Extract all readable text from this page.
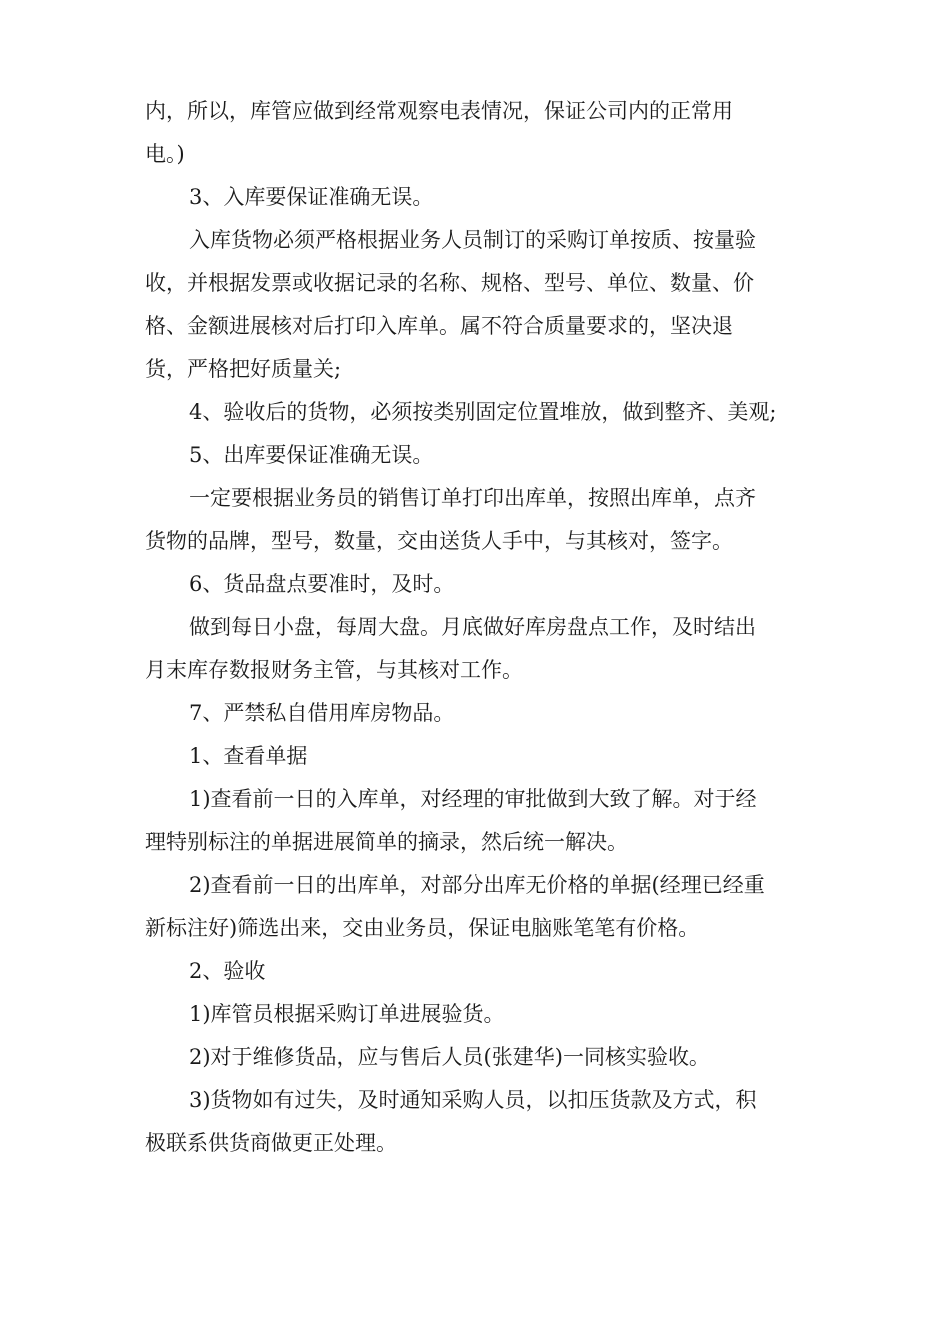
内，所以，库管应做到经常观察电表情况，保证公司内的正常用
电。)
3、入库要保证准确无误。
入库货物必须严格根据业务人员制订的采购订单按质、按量验
收，并根据发票或收据记录的名称、规格、型号、单位、数量、价
格、金额进展核对后打印入库单。属不符合质量要求的，坚决退
货，严格把好质量关;
4、验收后的货物，必须按类别固定位置堆放，做到整齐、美观;
5、出库要保证准确无误。
一定要根据业务员的销售订单打印出库单，按照出库单，点齐
货物的品牌，型号，数量，交由送货人手中，与其核对，签字。
6、货品盘点要准时，及时。
做到每日小盘，每周大盘。月底做好库房盘点工作，及时结出
月末库存数报财务主管，与其核对工作。
7、严禁私自借用库房物品。
1、查看单据
1)查看前一日的入库单，对经理的审批做到大致了解。对于经
理特别标注的单据进展简单的摘录，然后统一解决。
2)查看前一日的出库单，对部分出库无价格的单据(经理已经重
新标注好)筛选出来，交由业务员，保证电脑账笔笔有价格。
2、验收
1)库管员根据采购订单进展验货。
2)对于维修货品，应与售后人员(张建华)一同核实验收。
3)货物如有过失，及时通知采购人员，以扣压货款及方式，积
极联系供货商做更正处理。
